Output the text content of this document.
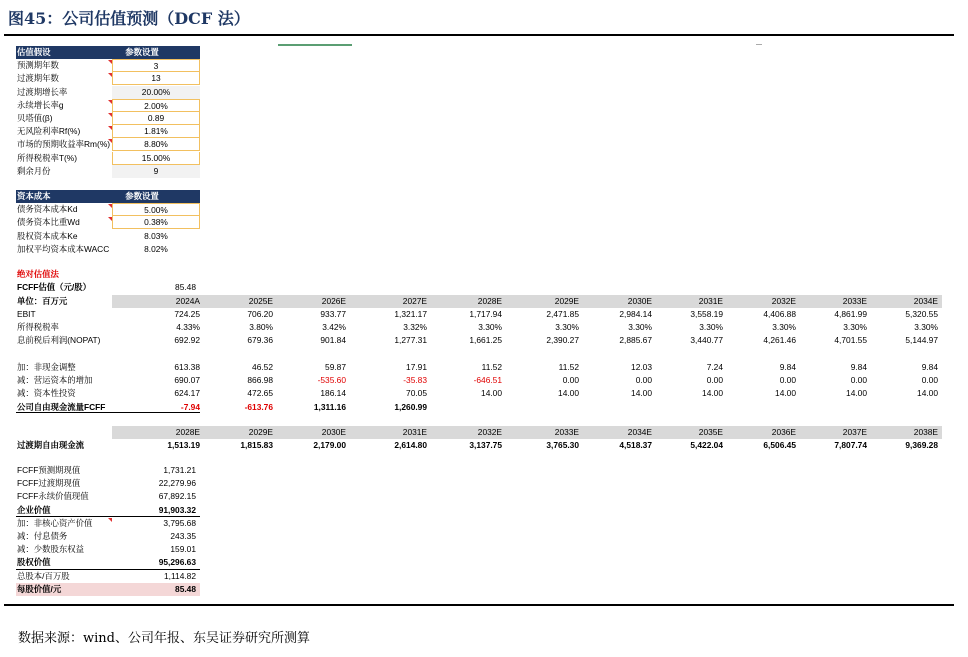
图45：公司估值预测（DCF 法）
估值假设	参数设置
预测期年数	3
过渡期年数	13
过渡期增长率	20.00%
永续增长率g	2.00%
贝塔值(β)	0.89
无风险利率Rf(%)	1.81%
市场的预期收益率Rm(%)	8.80%
所得税税率T(%)	15.00%
剩余月份	9
资本成本	参数设置
债务资本成本Kd	5.00%
债务资本比重Wd	0.38%
股权资本成本Ke	8.03%
加权平均资本成本WACC	8.02%
绝对估值法
FCFF估值（元/股）	85.48
单位：百万元	2024A	2025E	2026E	2027E	2028E	2029E	2030E	2031E	2032E	2033E	2034E
EBIT	724.25	706.20	933.77	1,321.17	1,717.94	2,471.85	2,984.14	3,558.19	4,406.88	4,861.99	5,320.55
所得税税率	4.33%	3.80%	3.42%	3.32%	3.30%	3.30%	3.30%	3.30%	3.30%	3.30%	3.30%
息前税后利润(NOPAT)	692.92	679.36	901.84	1,277.31	1,661.25	2,390.27	2,885.67	3,440.77	4,261.46	4,701.55	5,144.97
加：非现金调整	613.38	46.52	59.87	17.91	11.52	11.52	12.03	7.24	9.84	9.84	9.84
减：营运资本的增加	690.07	866.98	-535.60	-35.83	-646.51	0.00	0.00	0.00	0.00	0.00	0.00
减：资本性投资	624.17	472.65	186.14	70.05	14.00	14.00	14.00	14.00	14.00	14.00	14.00
公司自由现金流量FCFF	-7.94	-613.76	1,311.16	1,260.99
2028E	2029E	2030E	2031E	2032E	2033E	2034E	2035E	2036E	2037E	2038E
过渡期自由现金流	1,513.19	1,815.83	2,179.00	2,614.80	3,137.75	3,765.30	4,518.37	5,422.04	6,506.45	7,807.74	9,369.28
FCFF预测期现值	1,731.21
FCFF过渡期现值	22,279.96
FCFF永续价值现值	67,892.15
企业价值	91,903.32
加：非核心资产价值	3,795.68
减：付息债务	243.35
减：少数股东权益	159.01
股权价值	95,296.63
总股本/百万股	1,114.82
每股价值/元	85.48
数据来源：wind、公司年报、东吴证券研究所测算
